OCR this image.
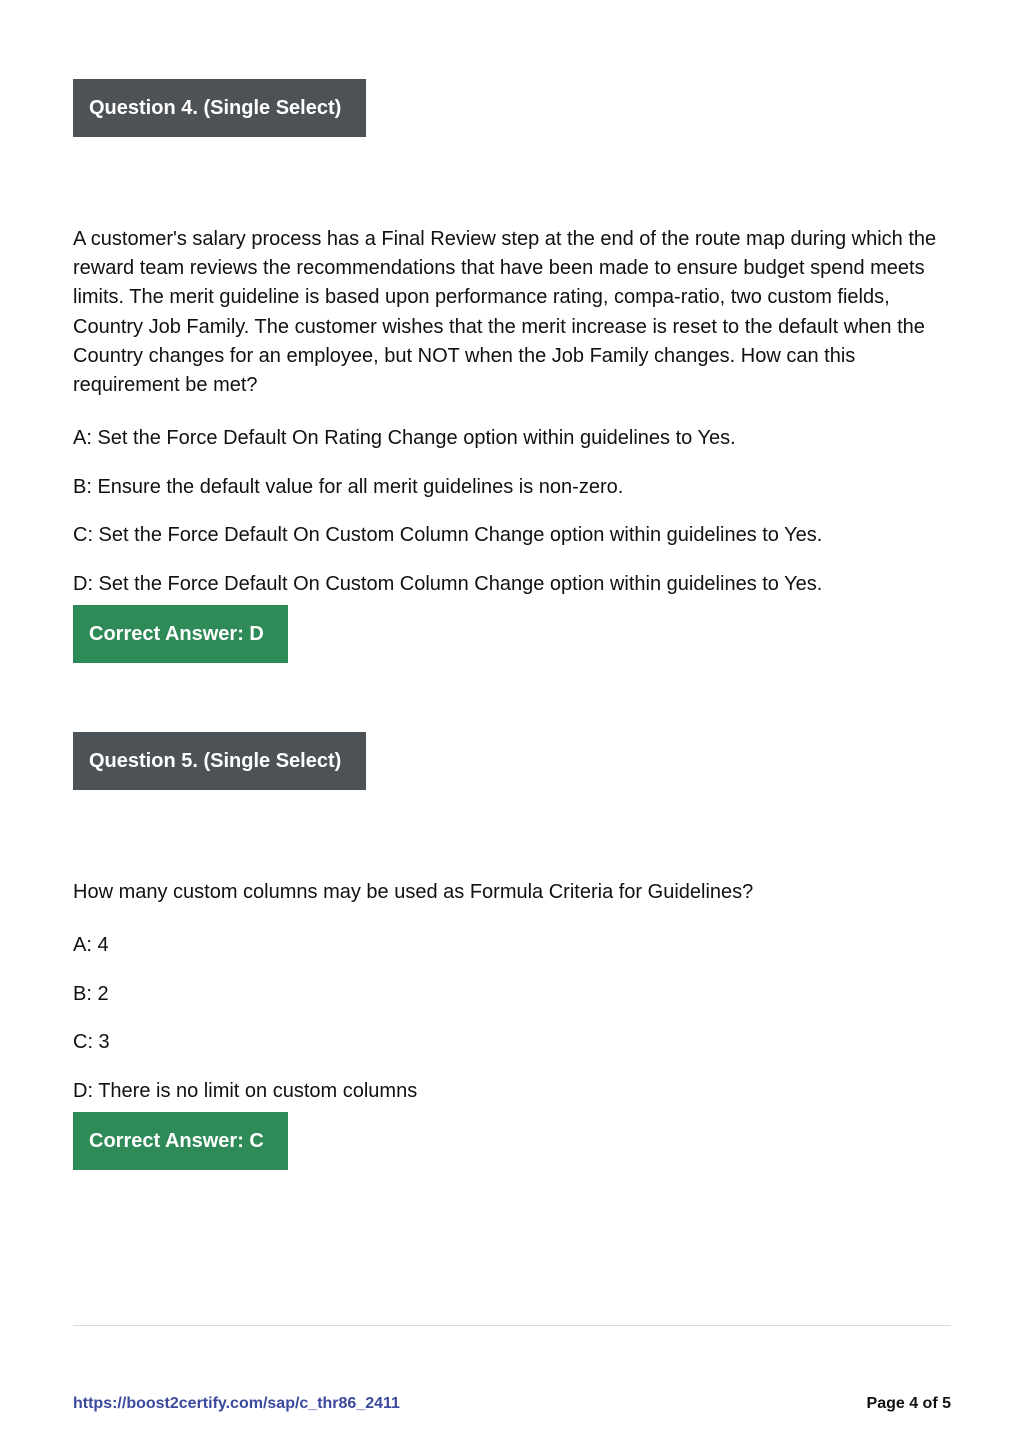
Question 4. (Single Select)

A customer's salary process has a Final Review step at the end of the route map during which the reward team reviews the recommendations that have been made to ensure budget spend meets limits. The merit guideline is based upon performance rating, compa-ratio, two custom fields, Country Job Family. The customer wishes that the merit increase is reset to the default when the Country changes for an employee, but NOT when the Job Family changes. How can this requirement be met?

A: Set the Force Default On Rating Change option within guidelines to Yes.

B: Ensure the default value for all merit guidelines is non-zero.

C: Set the Force Default On Custom Column Change option within guidelines to Yes.

D: Set the Force Default On Custom Column Change option within guidelines to Yes.

Correct Answer: D
Question 5. (Single Select)

How many custom columns may be used as Formula Criteria for Guidelines?

A: 4

B: 2

C: 3

D: There is no limit on custom columns

Correct Answer: C
https://boost2certify.com/sap/c_thr86_2411	Page 4 of 5
